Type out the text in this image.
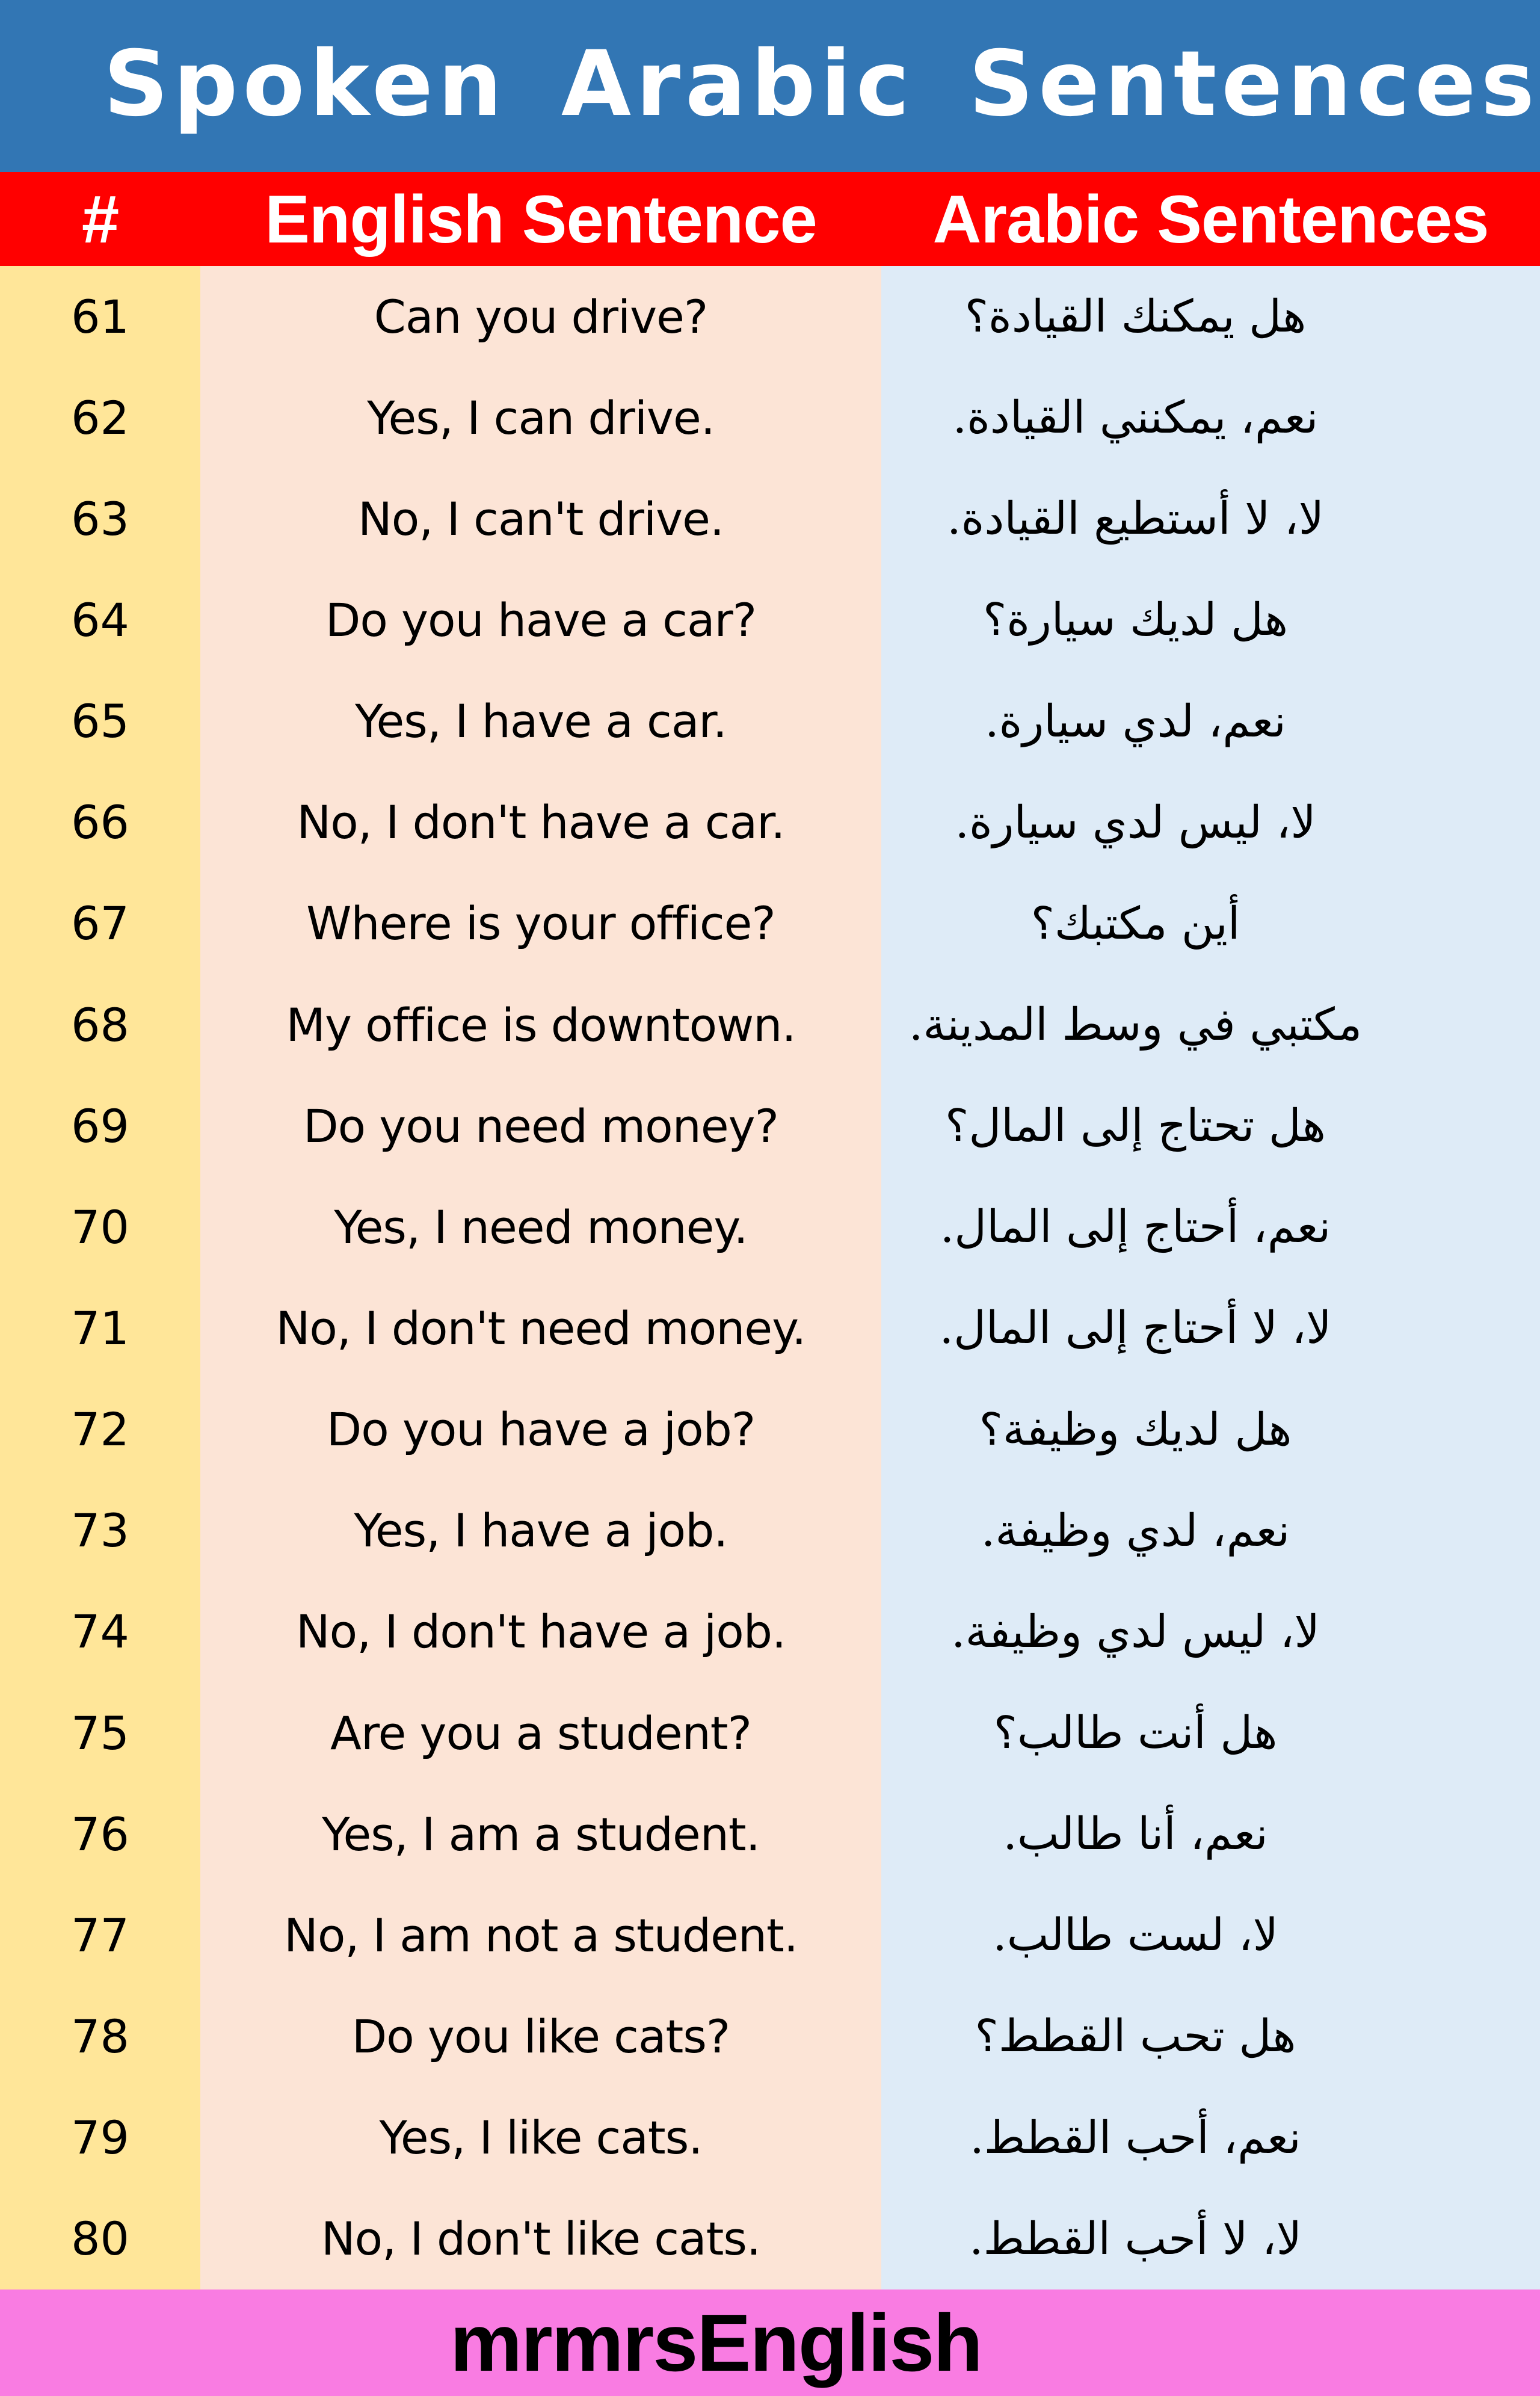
Spoken Arabic Sentences
#	English Sentence	Arabic Sentences
61	Can you drive?	هل يمكنك القيادة؟
62	Yes, I can drive.	نعم، يمكنني القيادة.
63	No, I can't drive.	لا، لا أستطيع القيادة.
64	Do you have a car?	هل لديك سيارة؟
65	Yes, I have a car.	نعم، لدي سيارة.
66	No, I don't have a car.	لا، ليس لدي سيارة.
67	Where is your office?	أين مكتبك؟
68	My office is downtown.	مكتبي في وسط المدينة.
69	Do you need money?	هل تحتاج إلى المال؟
70	Yes, I need money.	نعم، أحتاج إلى المال.
71	No, I don't need money.	لا، لا أحتاج إلى المال.
72	Do you have a job?	هل لديك وظيفة؟
73	Yes, I have a job.	نعم، لدي وظيفة.
74	No, I don't have a job.	لا، ليس لدي وظيفة.
75	Are you a student?	هل أنت طالب؟
76	Yes, I am a student.	نعم، أنا طالب.
77	No, I am not a student.	لا، لست طالب.
78	Do you like cats?	هل تحب القطط؟
79	Yes, I like cats.	نعم، أحب القطط.
80	No, I don't like cats.	لا، لا أحب القطط.
mrmrsEnglish
